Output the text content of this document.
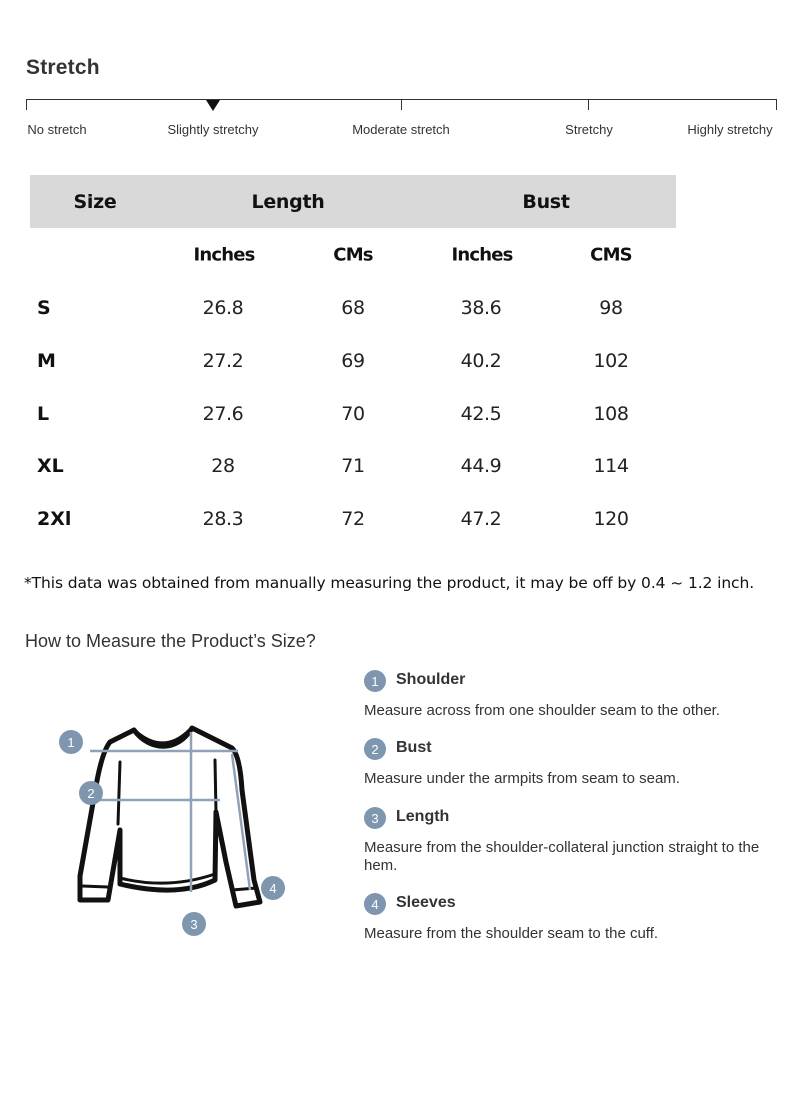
Stretch
No stretch	Slightly stretchy	Moderate stretch	Stretchy	Highly stretchy
Size	Length	Bust
Inches	CMs	Inches	CMS
S	26.8	68	38.6	98
M	27.2	69	40.2	102
L	27.6	70	42.5	108
XL	28	71	44.9	114
2Xl	28.3	72	47.2	120
*This data was obtained from manually measuring the product, it may be off by 0.4 ~ 1.2 inch.
How to Measure the Product’s Size?
1
2
3
4
1	Shoulder
Measure across from one shoulder seam to the other.
2	Bust
Measure under the armpits from seam to seam.
3	Length
Measure from the shoulder-collateral junction straight to the hem.
4	Sleeves
Measure from the shoulder seam to the cuff.
